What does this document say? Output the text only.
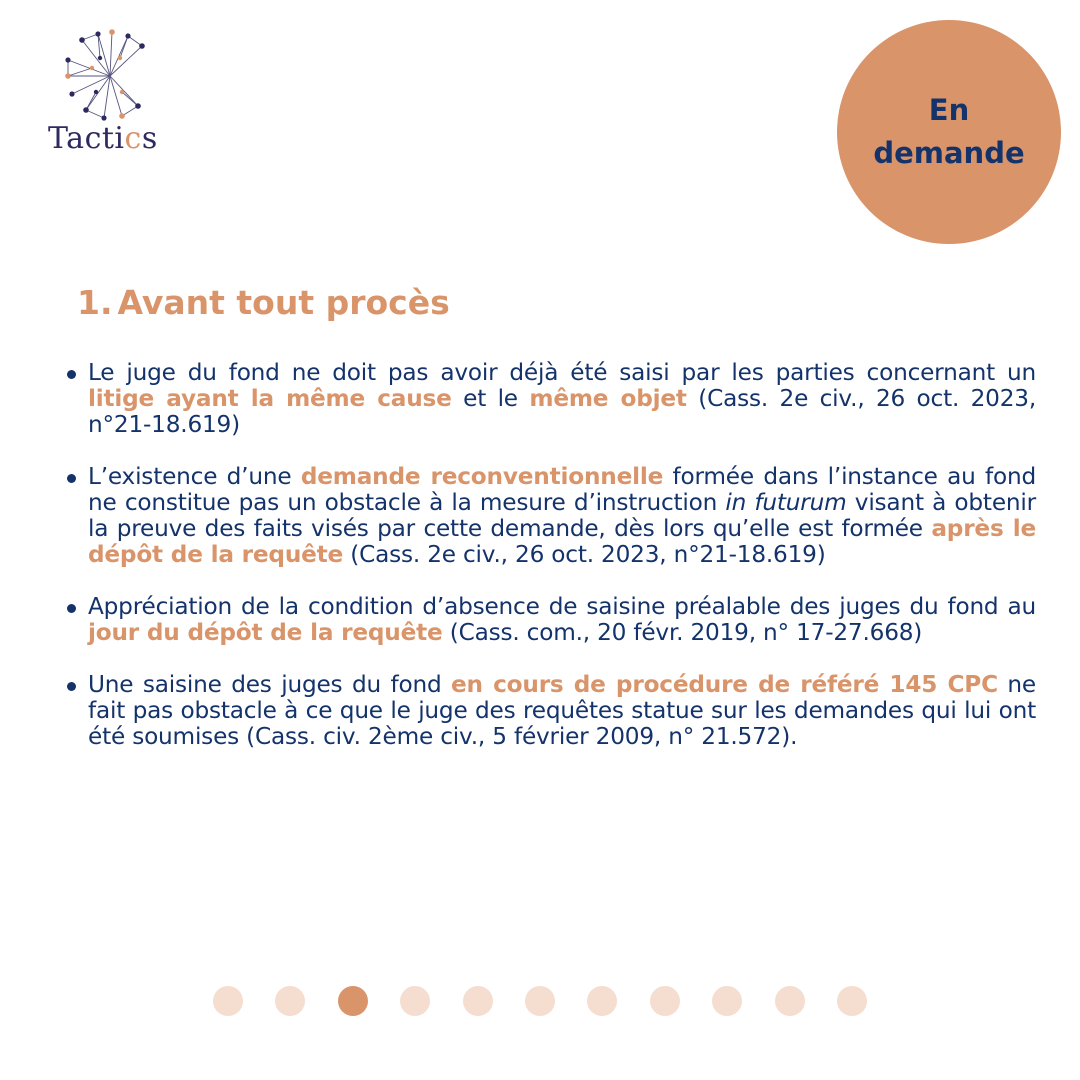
Tactics
En demande
1. Avant tout procès
Le juge du fond ne doit pas avoir déjà été saisi par les parties concernant un litige ayant la même cause et le même objet (Cass. 2e civ., 26 oct. 2023, n°21-18.619)
L’existence d’une demande reconventionnelle formée dans l’instance au fond ne constitue pas un obstacle à la mesure d’instruction in futurum visant à obtenir la preuve des faits visés par cette demande, dès lors qu’elle est formée après le dépôt de la requête (Cass. 2e civ., 26 oct. 2023, n°21-18.619)
Appréciation de la condition d’absence de saisine préalable des juges du fond au jour du dépôt de la requête (Cass. com., 20 févr. 2019, n° 17-27.668)
Une saisine des juges du fond en cours de procédure de référé 145 CPC ne fait pas obstacle à ce que le juge des requêtes statue sur les demandes qui lui ont été soumises (Cass. civ. 2ème civ., 5 février 2009, n° 21.572).
